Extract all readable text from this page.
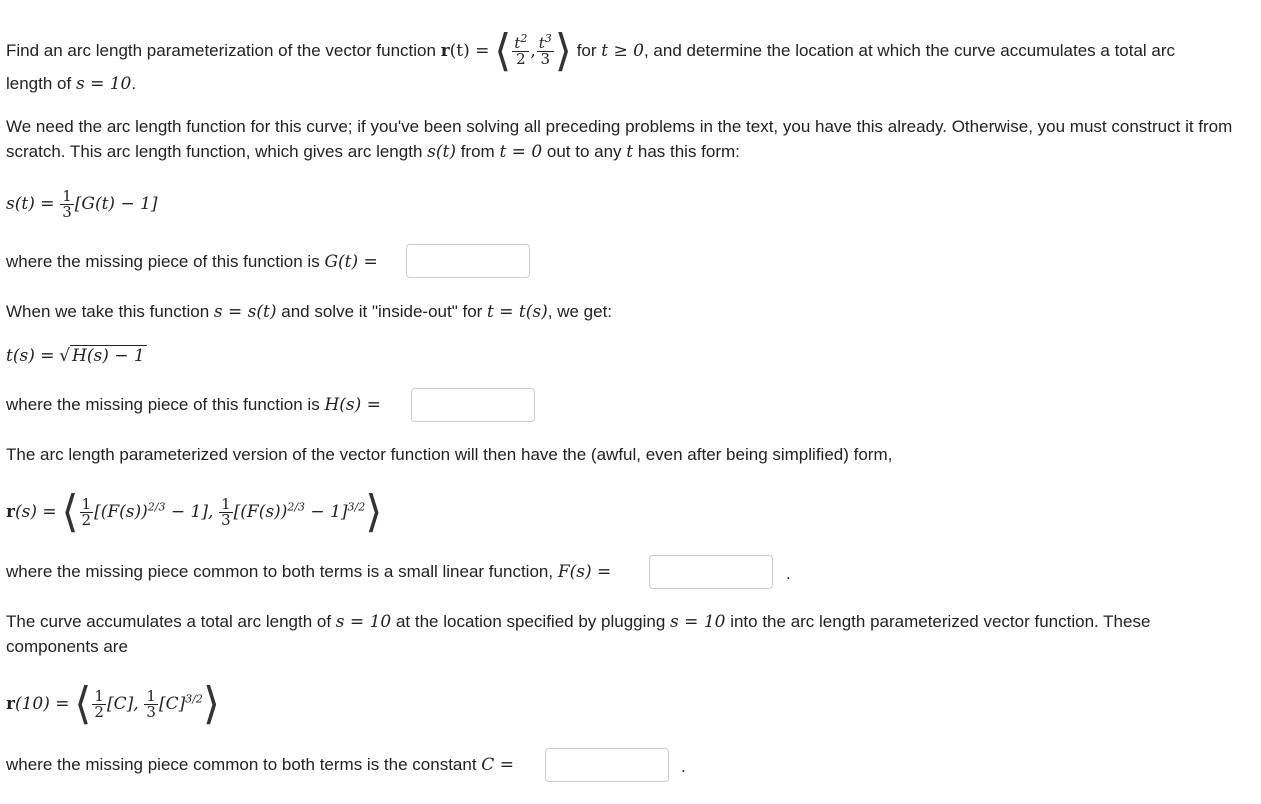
Find an arc length parameterization of the vector function r(t) = ⟨ $\frac{t^2}{2}$ , $\frac{t^3}{3}$ ⟩ for t ≥ 0, and determine the location at which the curve accumulates a total arc
length of s = 10.
We need the arc length function for this curve; if you've been solving all preceding problems in the text, you have this already. Otherwise, you must construct it from
scratch. This arc length function, which gives arc length s(t) from t = 0 out to any t has this form:
$s(t) = \frac{1}{3} [G(t) - 1]$
where the missing piece of this function is G(t) =
When we take this function s = s(t) and solve it "inside-out" for t = t(s), we get:
t(s) = √ H(s) − 1
where the missing piece of this function is H(s) =
The arc length parameterized version of the vector function will then have the (awful, even after being simplified) form,
r(s) = ⟨ $\frac{1}{2} [(F(s))^{2/3} - 1]$, $\frac{1}{3} [(F(s))^{2/3}$ − $1]^{3/2}⟩$
where the missing piece common to both terms is a small linear function, F(s) =	.
The curve accumulates a total arc length of s = 10 at the location specified by plugging s = 10 into the arc length parameterized vector function. These
components are
r(10) = ⟨ $\frac{1}{2} [C]$, $\frac{1}{3}$ $[C]^{3/2}⟩$
where the missing piece common to both terms is the constant C =	.
